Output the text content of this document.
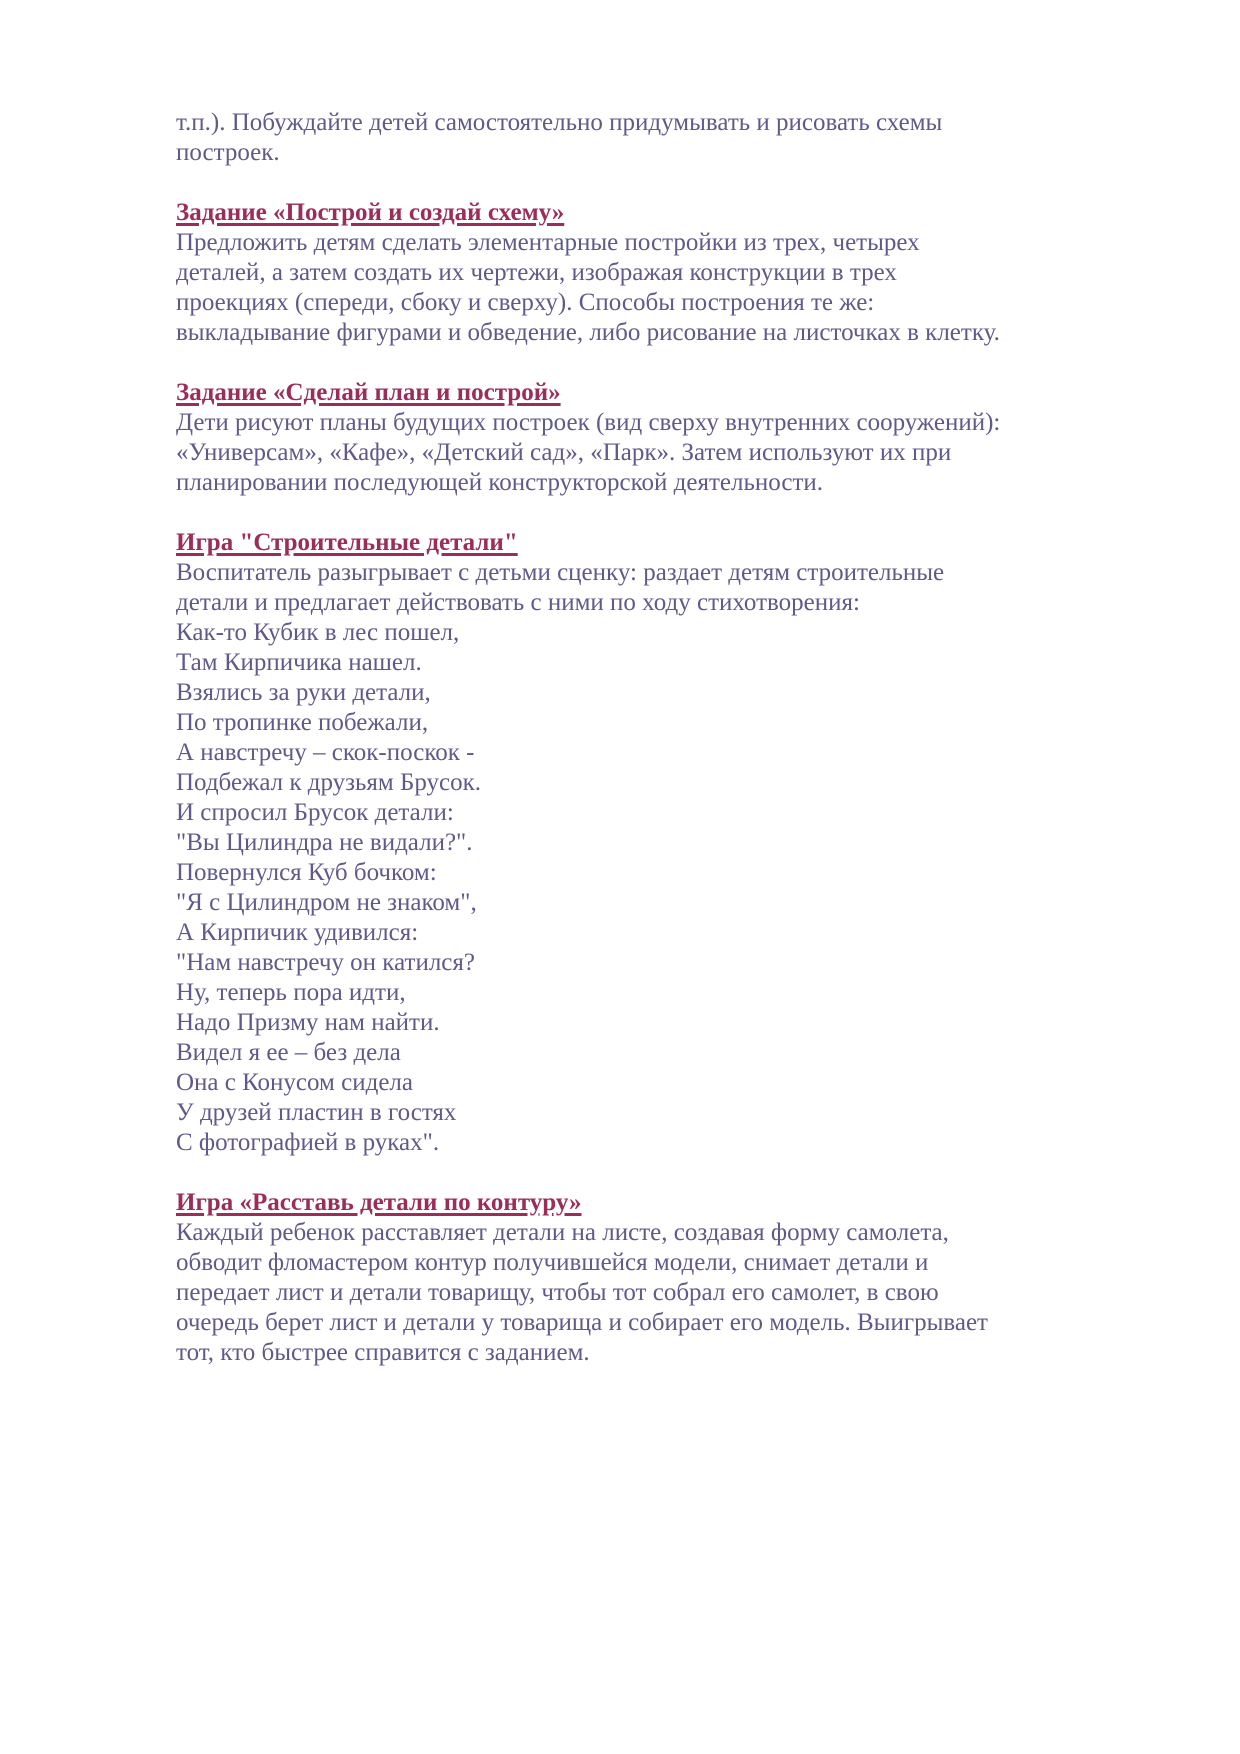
т.п.). Побуждайте детей самостоятельно придумывать и рисовать схемы
построек.
Задание «Построй и создай схему»
Предложить детям сделать элементарные постройки из трех, четырех
деталей, а затем создать их чертежи, изображая конструкции в трех
проекциях (спереди, сбоку и сверху). Способы построения те же:
выкладывание фигурами и обведение, либо рисование на листочках в клетку.
Задание «Сделай план и построй»
Дети рисуют планы будущих построек (вид сверху внутренних сооружений):
«Универсам», «Кафе», «Детский сад», «Парк». Затем используют их при
планировании последующей конструкторской деятельности.
Игра "Строительные детали"
Воспитатель разыгрывает с детьми сценку: раздает детям строительные
детали и предлагает действовать с ними по ходу стихотворения:
Как-то Кубик в лес пошел,
Там Кирпичика нашел.
Взялись за руки детали,
По тропинке побежали,
А навстречу – скок-поскок -
Подбежал к друзьям Брусок.
И спросил Брусок детали:
"Вы Цилиндра не видали?".
Повернулся Куб бочком:
"Я с Цилиндром не знаком",
А Кирпичик удивился:
"Нам навстречу он катился?
Ну, теперь пора идти,
Надо Призму нам найти.
Видел я ее – без дела
Она с Конусом сидела
У друзей пластин в гостях
С фотографией в руках".
Игра «Расставь детали по контуру»
Каждый ребенок расставляет детали на листе, создавая форму самолета,
обводит фломастером контур получившейся модели, снимает детали и
передает лист и детали товарищу, чтобы тот собрал его самолет, в свою
очередь берет лист и детали у товарища и собирает его модель. Выигрывает
тот, кто быстрее справится с заданием.
